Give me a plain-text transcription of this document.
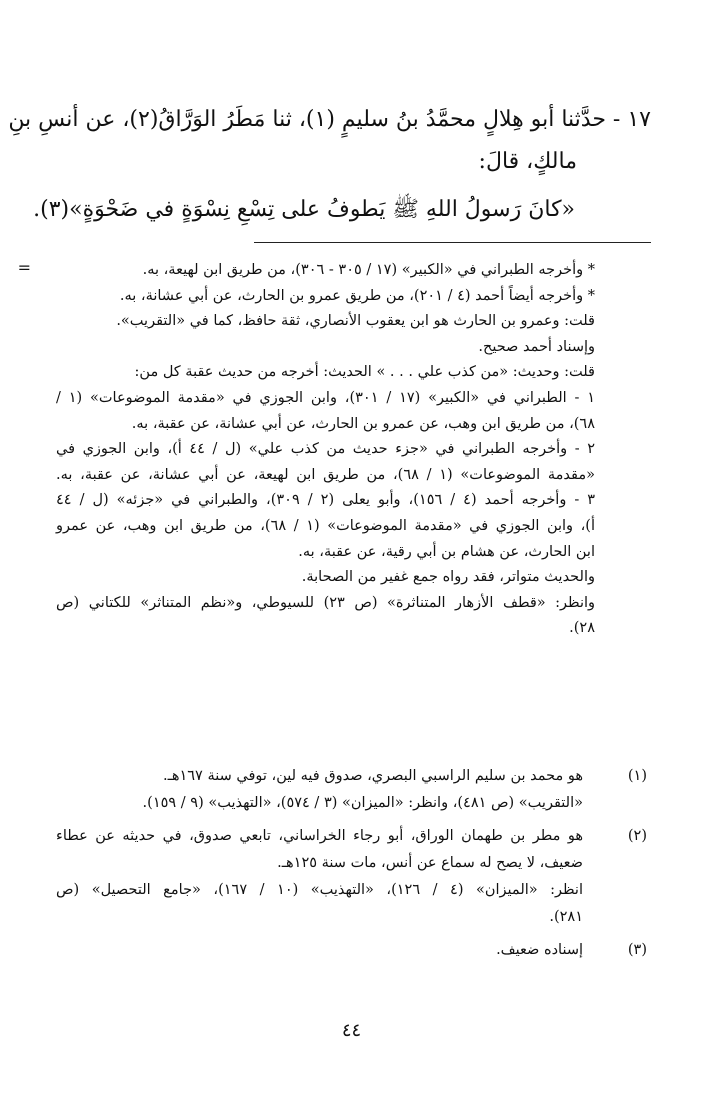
١٧ - حدَّثنا أبو هِلالٍ محمَّدُ بنُ سليمٍ (١)، ثنا مَطَرُ الوَرَّاقُ(٢)، عن أنسِ بنِ
مالكٍ، قالَ:
«كانَ رَسولُ اللهِ ﷺ يَطوفُ على تِسْعِ نِسْوَةٍ في ضَحْوَةٍ»(٣).
=	* وأخرجه الطبراني في «الكبير» (١٧ / ٣٠٥ - ٣٠٦)، من طريق ابن لهيعة، به.
* وأخرجه أيضاً أحمد (٤ / ٢٠١)، من طريق عمرو بن الحارث، عن أبي عشانة، به.
قلت: وعمرو بن الحارث هو ابن يعقوب الأنصاري، ثقة حافظ، كما في «التقريب».
وإسناد أحمد صحيح.
قلت: وحديث: «من كذب علي . . . » الحديث: أخرجه من حديث عقبة كل من:
١ - الطبراني في «الكبير» (١٧ / ٣٠١)، وابن الجوزي في «مقدمة الموضوعات» (١ /
٦٨)، من طريق ابن وهب، عن عمرو بن الحارث، عن أبي عشانة، عن عقبة، به.
٢ - وأخرجه الطبراني في «جزء حديث من كذب علي» (ل / ٤٤ أ)، وابن الجوزي في
«مقدمة الموضوعات» (١ / ٦٨)، من طريق ابن لهيعة، عن أبي عشانة، عن عقبة، به.
٣ - وأخرجه أحمد (٤ / ١٥٦)، وأبو يعلى (٢ / ٣٠٩)، والطبراني في «جزئه» (ل / ٤٤
أ)، وابن الجوزي في «مقدمة الموضوعات» (١ / ٦٨)، من طريق ابن وهب، عن عمرو
ابن الحارث، عن هشام بن أبي رقية، عن عقبة، به.
والحديث متواتر، فقد رواه جمع غفير من الصحابة.
وانظر: «قطف الأزهار المتناثرة» (ص ٢٣) للسيوطي، و«نظم المتناثر» للكتاني (ص
٢٨).
(١)
هو محمد بن سليم الراسبي البصري، صدوق فيه لين، توفي سنة ١٦٧هـ.
«التقريب» (ص ٤٨١)، وانظر: «الميزان» (٣ / ٥٧٤)، «التهذيب» (٩ / ١٥٩).
(٢)
هو مطر بن طهمان الوراق، أبو رجاء الخراساني، تابعي صدوق، في حديثه عن عطاء
ضعيف، لا يصح له سماع عن أنس، مات سنة ١٢٥هـ.
انظر: «الميزان» (٤ / ١٢٦)، «التهذيب» (١٠ / ١٦٧)، «جامع التحصيل» (ص
٢٨١).
(٣)
إسناده ضعيف.
٤٤
